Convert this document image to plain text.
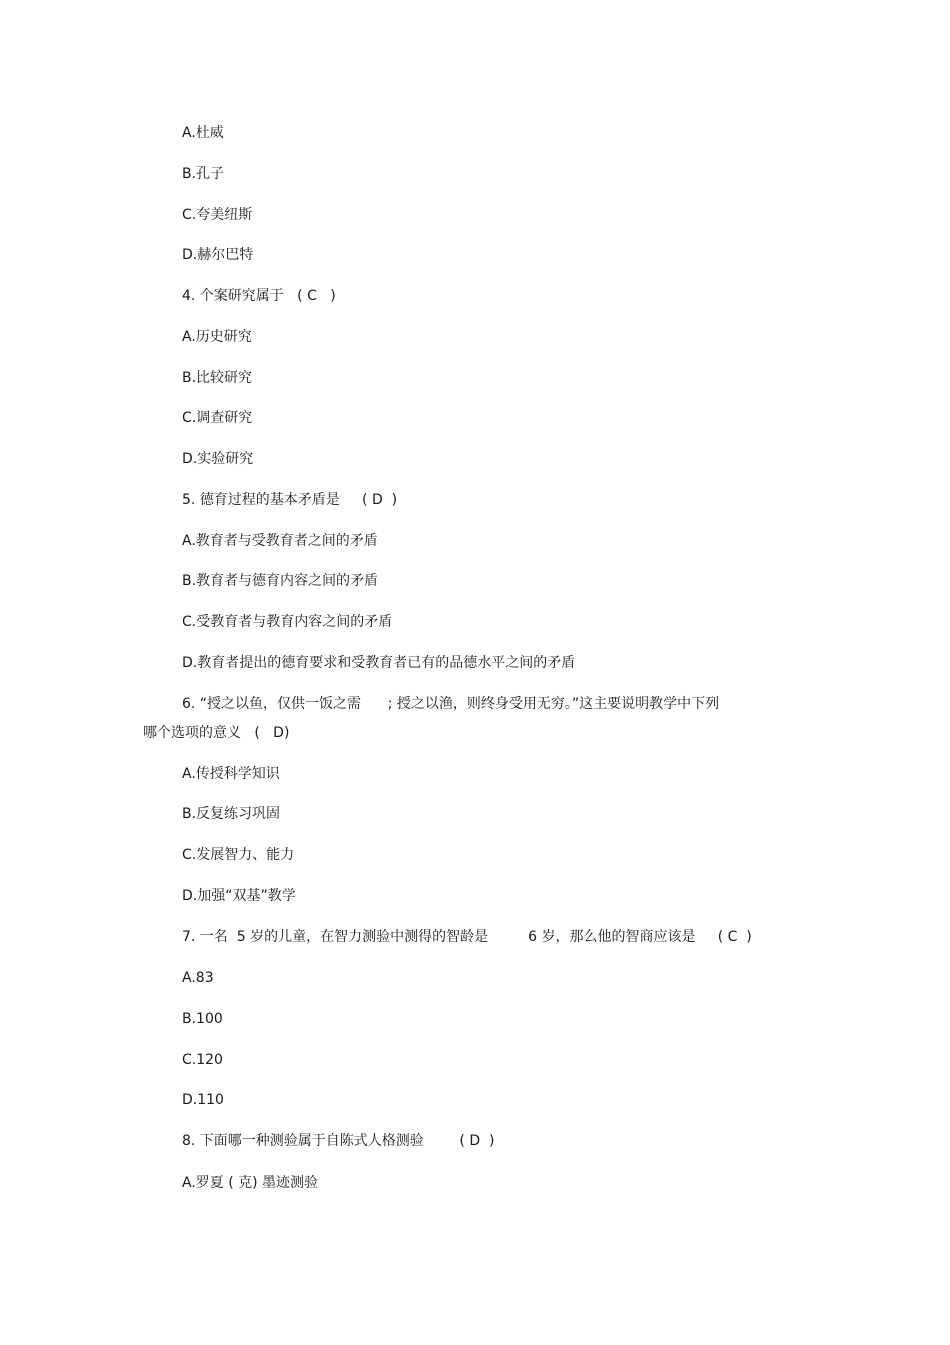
A.杜威
B.孔子
C.夸美纽斯
D.赫尔巴特
4. 个案研究属于   ( C   )
A.历史研究
B.比较研究
C.调查研究
D.实验研究
5. 德育过程的基本矛盾是     ( D  )
A.教育者与受教育者之间的矛盾
B.教育者与德育内容之间的矛盾
C.受教育者与教育内容之间的矛盾
D.教育者提出的德育要求和受教育者已有的品德水平之间的矛盾
6. “授之以鱼，仅供一饭之需      ; 授之以渔，则终身受用无穷。”这主要说明教学中下列
哪个选项的意义   (   D)
A.传授科学知识
B.反复练习巩固
C.发展智力、能力
D.加强“双基”教学
7. 一名  5 岁的儿童，在智力测验中测得的智龄是         6 岁，那么他的智商应该是     ( C  )
A.83
B.100
C.120
D.110
8. 下面哪一种测验属于自陈式人格测验        ( D  )
A.罗夏 ( 克) 墨迹测验
